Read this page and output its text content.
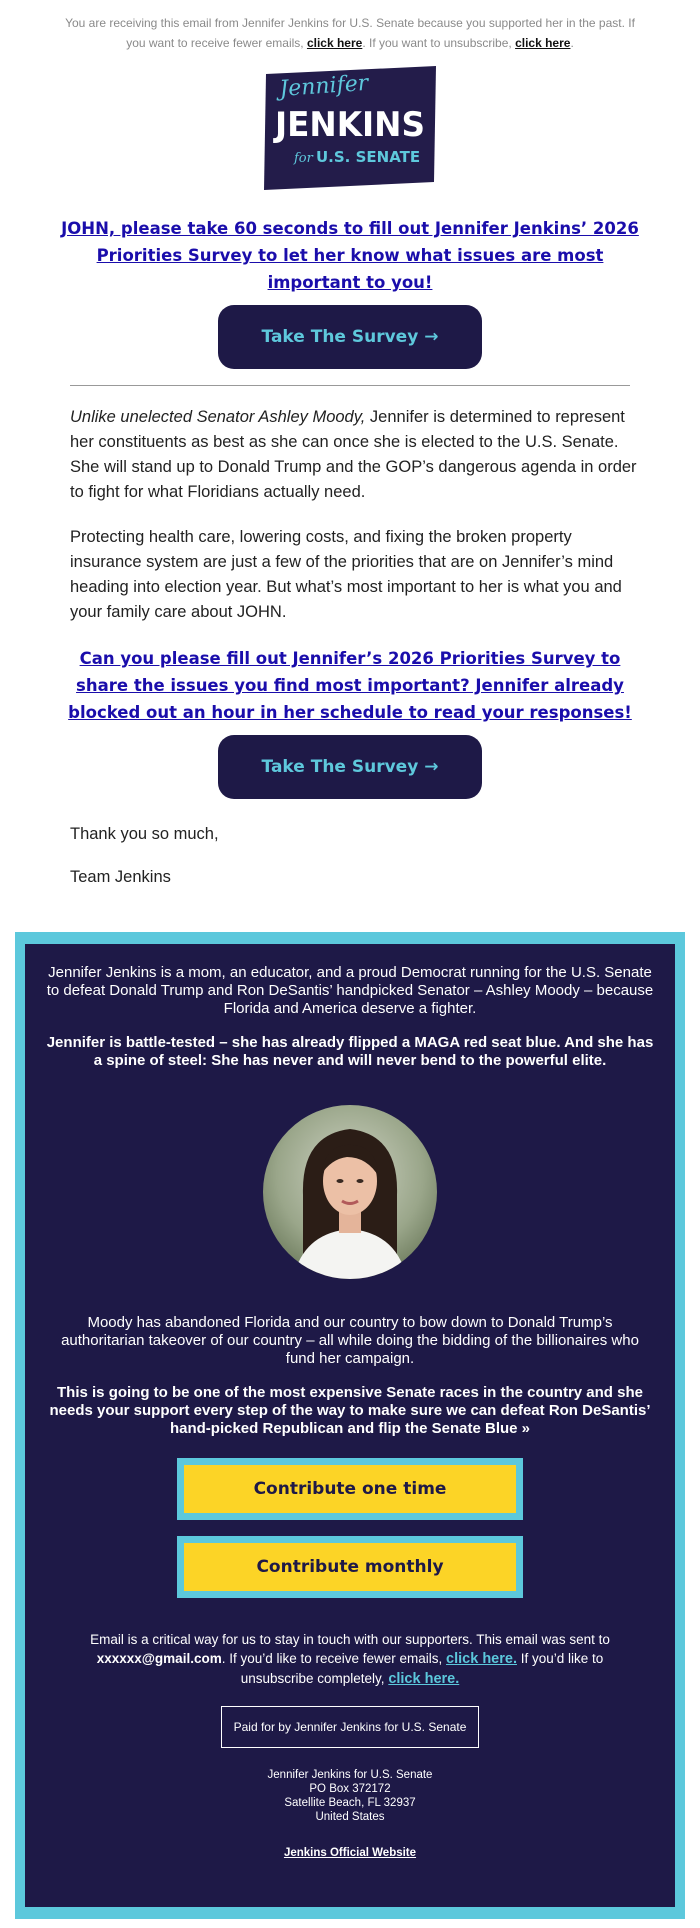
You are receiving this email from Jennifer Jenkins for U.S. Senate because you supported her in the past. If you want to receive fewer emails, click here. If you want to unsubscribe, click here.
Jennifer
JENKINS
for U.S. SENATE
JOHN, please take 60 seconds to fill out Jennifer Jenkins’ 2026 Priorities Survey to let her know what issues are most important to you!
Take The Survey →

Unlike unelected Senator Ashley Moody, Jennifer is determined to represent her constituents as best as she can once she is elected to the U.S. Senate. She will stand up to Donald Trump and the GOP’s dangerous agenda in order to fight for what Floridians actually need.

Protecting health care, lowering costs, and fixing the broken property insurance system are just a few of the priorities that are on Jennifer’s mind heading into election year. But what’s most important to her is what you and your family care about JOHN.

Can you please fill out Jennifer’s 2026 Priorities Survey to share the issues you find most important? Jennifer already blocked out an hour in her schedule to read your responses!
Take The Survey →

Thank you so much,

Team Jenkins

Jennifer Jenkins is a mom, an educator, and a proud Democrat running for the U.S. Senate to defeat Donald Trump and Ron DeSantis’ handpicked Senator – Ashley Moody – because Florida and America deserve a fighter.

Jennifer is battle-tested – she has already flipped a MAGA red seat blue. And she has a spine of steel: She has never and will never bend to the powerful elite.

Moody has abandoned Florida and our country to bow down to Donald Trump’s authoritarian takeover of our country – all while doing the bidding of the billionaires who fund her campaign.

This is going to be one of the most expensive Senate races in the country and she needs your support every step of the way to make sure we can defeat Ron DeSantis’ hand-picked Republican and flip the Senate Blue »

Contribute one time
Contribute monthly

Email is a critical way for us to stay in touch with our supporters. This email was sent to xxxxxx@gmail.com. If you’d like to receive fewer emails, click here. If you’d like to unsubscribe completely, click here.

Paid for by Jennifer Jenkins for U.S. Senate
Jennifer Jenkins for U.S. Senate
PO Box 372172
Satellite Beach, FL 32937
United States
Jenkins Official Website
